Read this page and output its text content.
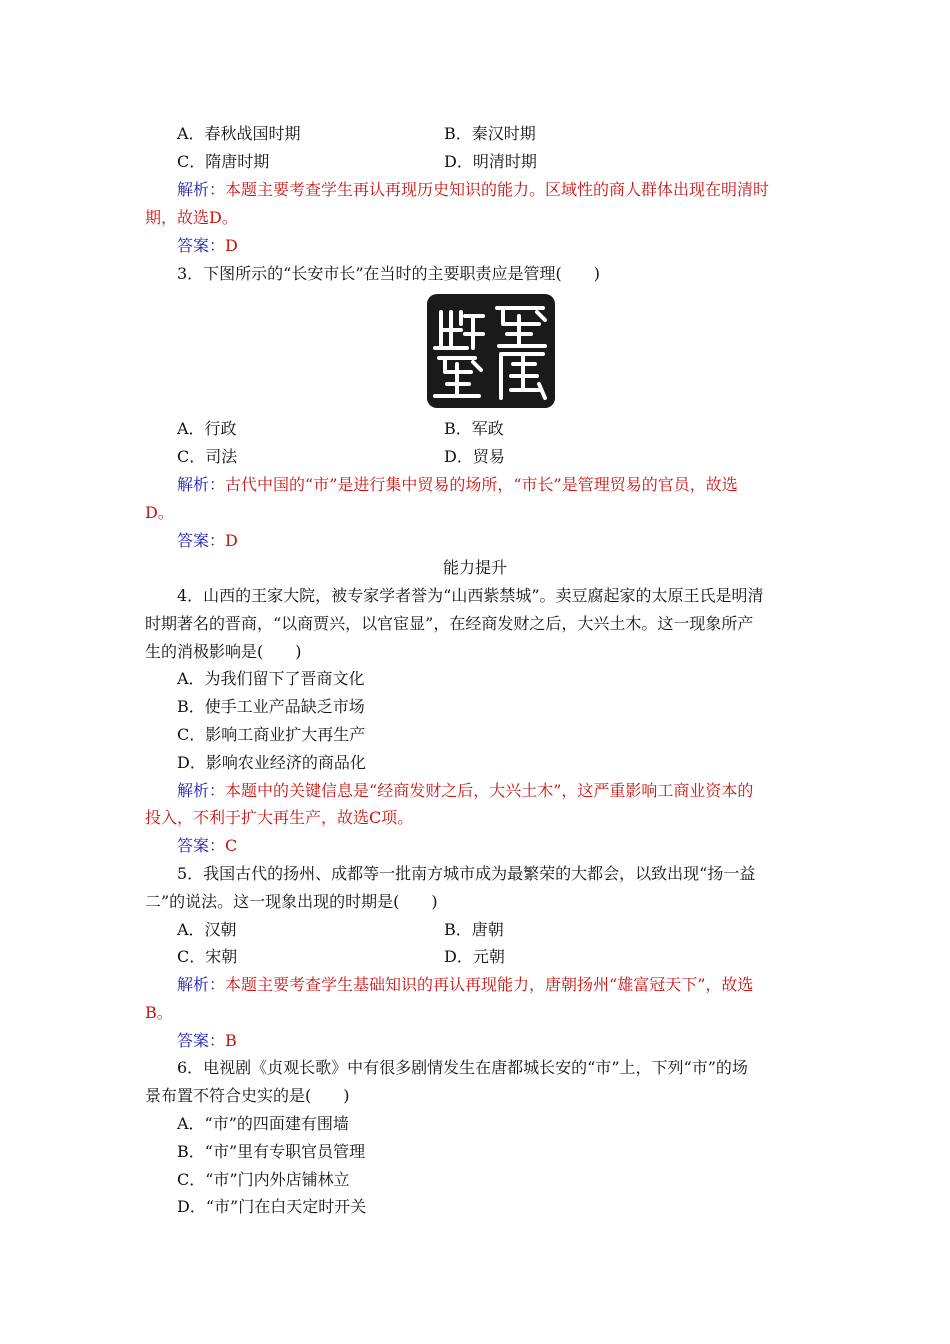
A．春秋战国时期	B．秦汉时期
C．隋唐时期	D．明清时期
解析：本题主要考查学生再认再现历史知识的能力。区域性的商人群体出现在明清时
期，故选D。
答案：D
3．下图所示的“长安市长”在当时的主要职责应是管理(　　)
A．行政	B．军政
C．司法	D．贸易
解析：古代中国的“市”是进行集中贸易的场所，“市长”是管理贸易的官员，故选
D。
答案：D
能力提升
4．山西的王家大院，被专家学者誉为“山西紫禁城”。卖豆腐起家的太原王氏是明清
时期著名的晋商，“以商贾兴，以官宦显”，在经商发财之后，大兴土木。这一现象所产
生的消极影响是(　　)
A．为我们留下了晋商文化
B．使手工业产品缺乏市场
C．影响工商业扩大再生产
D．影响农业经济的商品化
解析：本题中的关键信息是“经商发财之后，大兴土木”，这严重影响工商业资本的
投入，不利于扩大再生产，故选C项。
答案：C
5．我国古代的扬州、成都等一批南方城市成为最繁荣的大都会，以致出现“扬一益
二”的说法。这一现象出现的时期是(　　)
A．汉朝	B．唐朝
C．宋朝	D．元朝
解析：本题主要考查学生基础知识的再认再现能力，唐朝扬州“雄富冠天下”，故选
B。
答案：B
6．电视剧《贞观长歌》中有很多剧情发生在唐都城长安的“市”上，下列“市”的场
景布置不符合史实的是(　　)
A．“市”的四面建有围墙
B．“市”里有专职官员管理
C．“市”门内外店铺林立
D．“市”门在白天定时开关
